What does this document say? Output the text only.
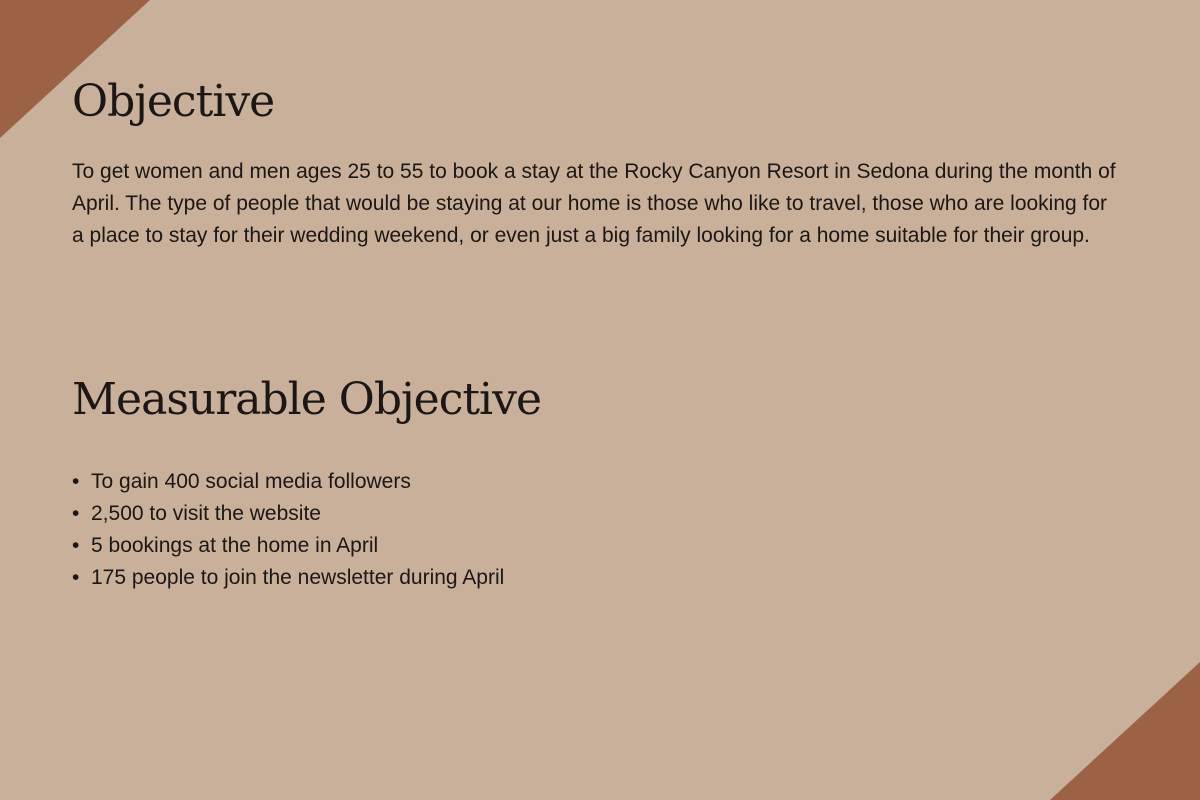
Objective

To get women and men ages 25 to 55 to book a stay at the Rocky Canyon Resort in Sedona during the month of April. The type of people that would be staying at our home is those who like to travel, those who are looking for a place to stay for their wedding weekend, or even just a big family looking for a home suitable for their group.

Measurable Objective
• To gain 400 social media followers
• 2,500 to visit the website
• 5 bookings at the home in April
• 175 people to join the newsletter during April
